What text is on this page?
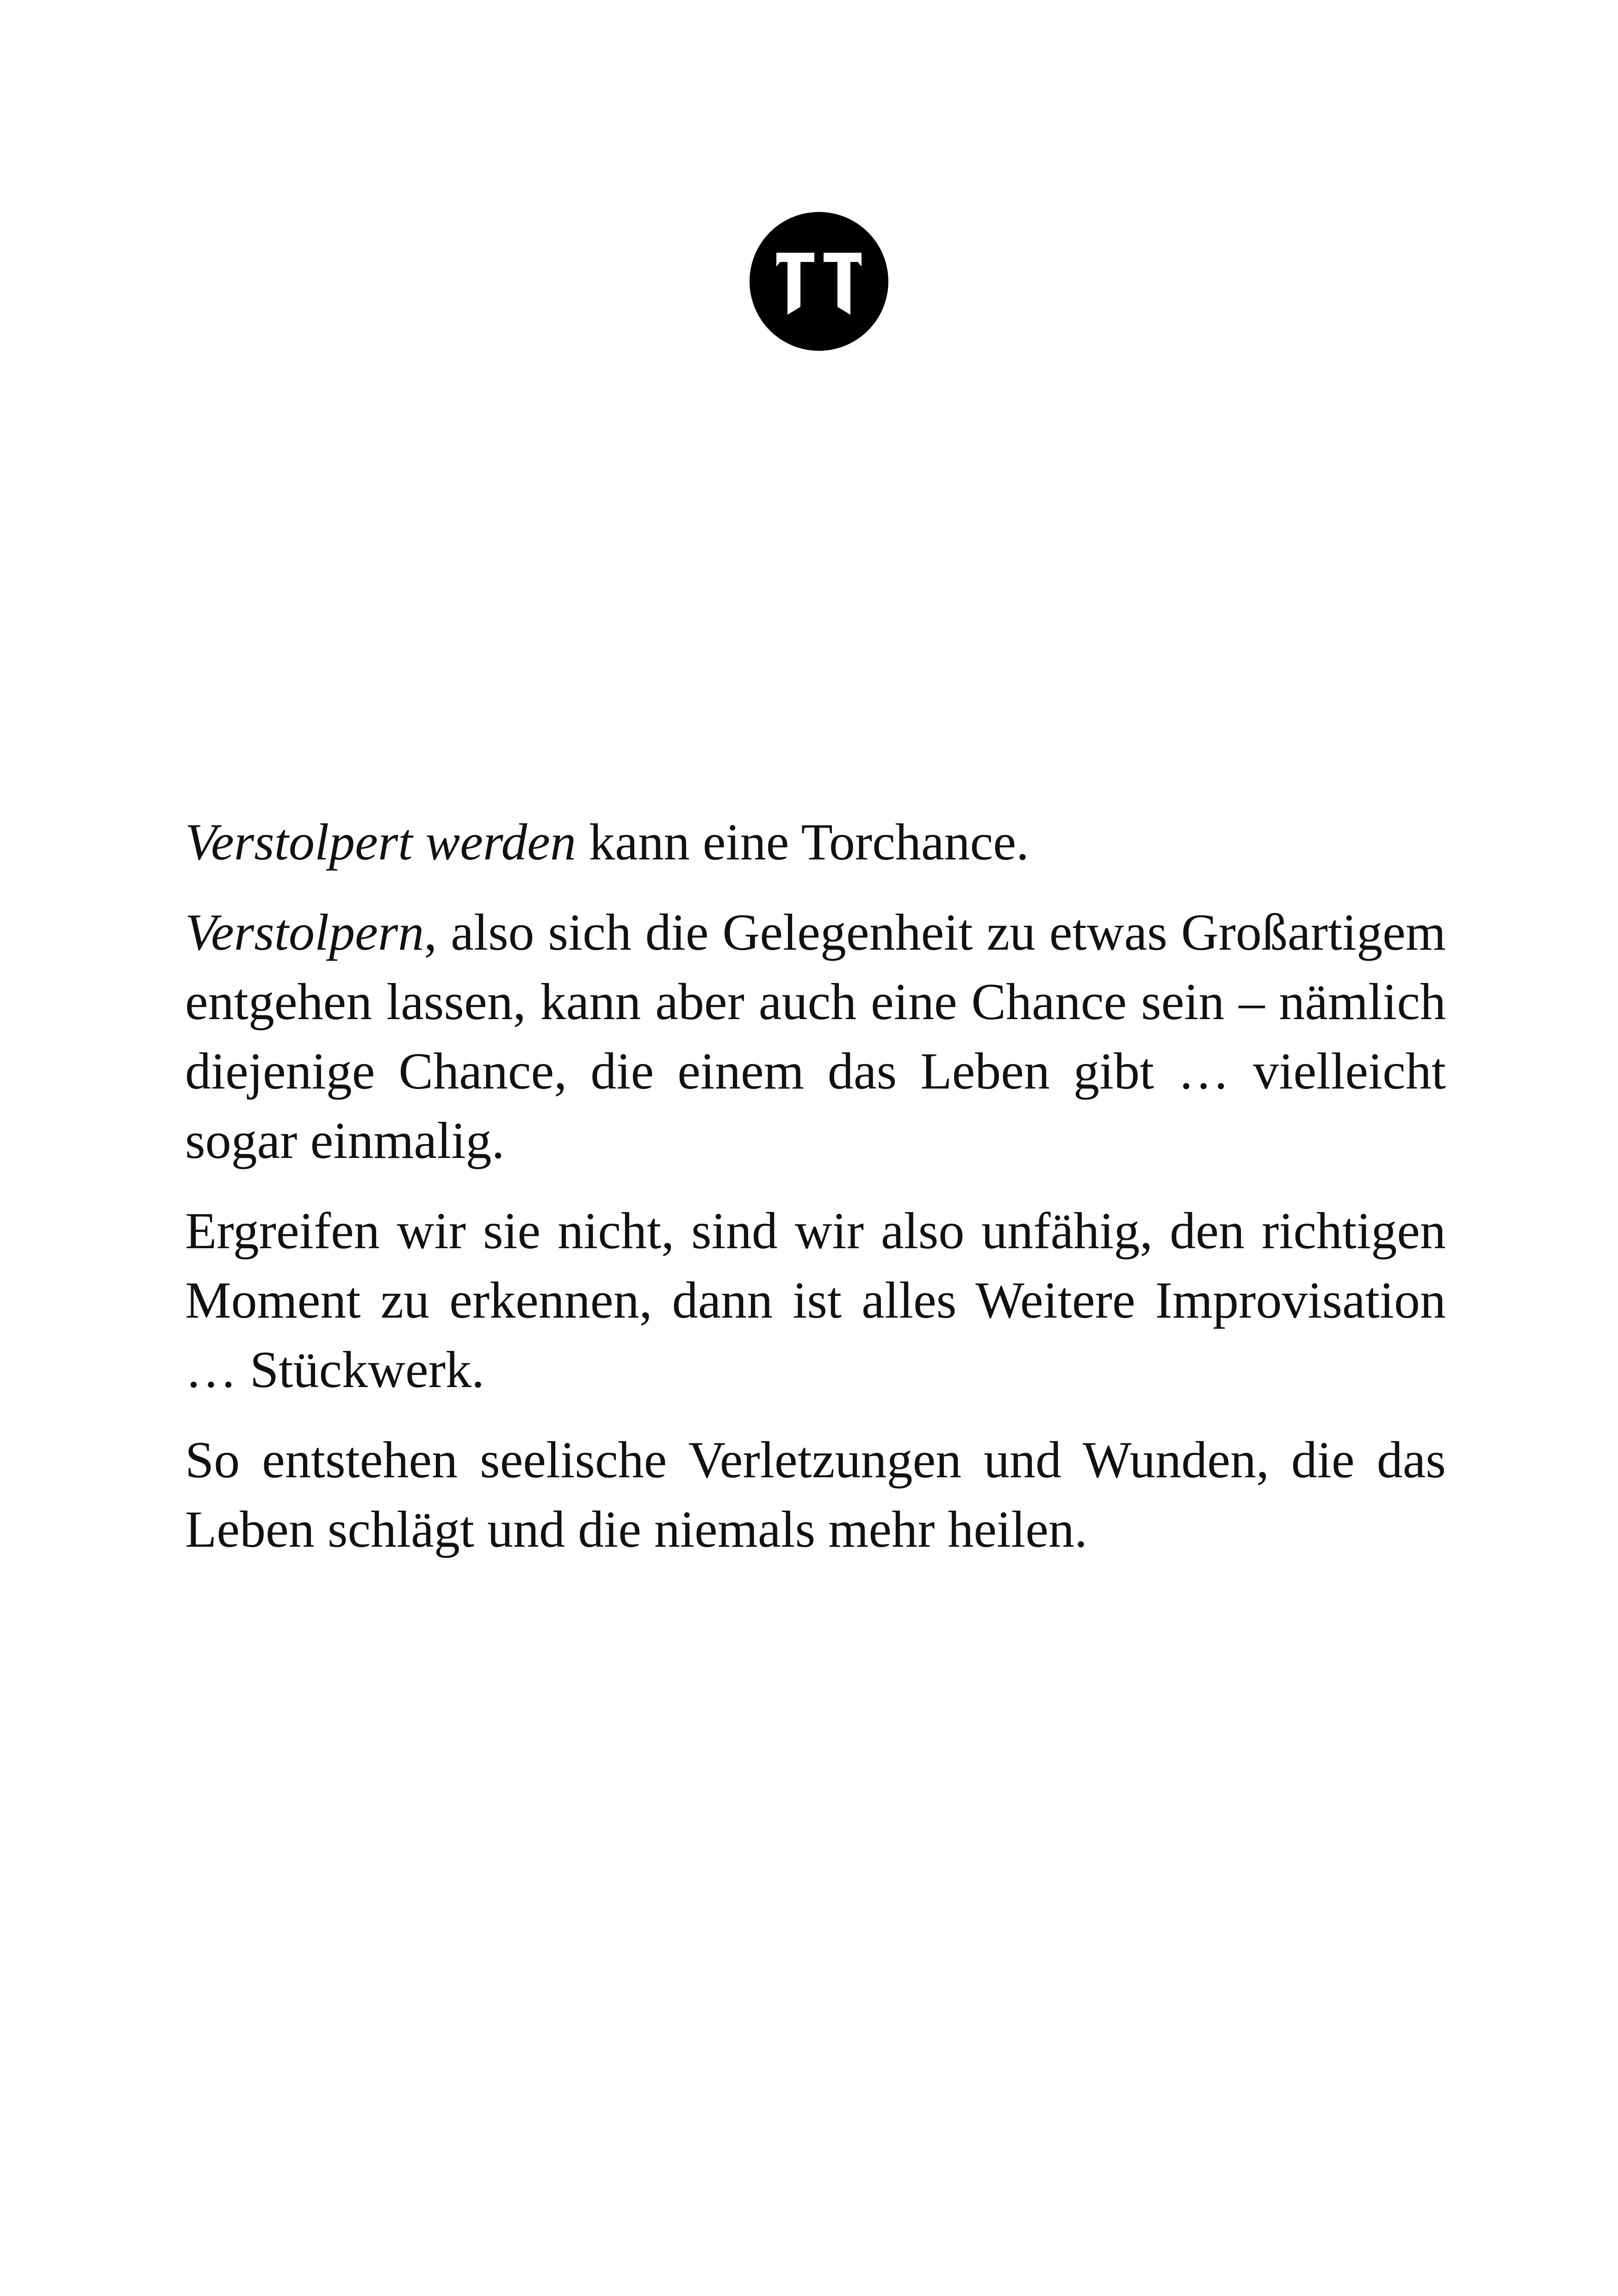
Verstolpert werden kann eine Torchance.

Verstolpern, also sich die Gelegenheit zu etwas Großartigem entgehen lassen, kann aber auch eine Chance sein – nämlich diejenige Chance, die einem das Leben gibt … vielleicht sogar einmalig.

Ergreifen wir sie nicht, sind wir also unfähig, den richtigen Moment zu erkennen, dann ist alles Weitere Improvisation … Stückwerk.

So entstehen seelische Verletzungen und Wunden, die das Leben schlägt und die niemals mehr heilen.
